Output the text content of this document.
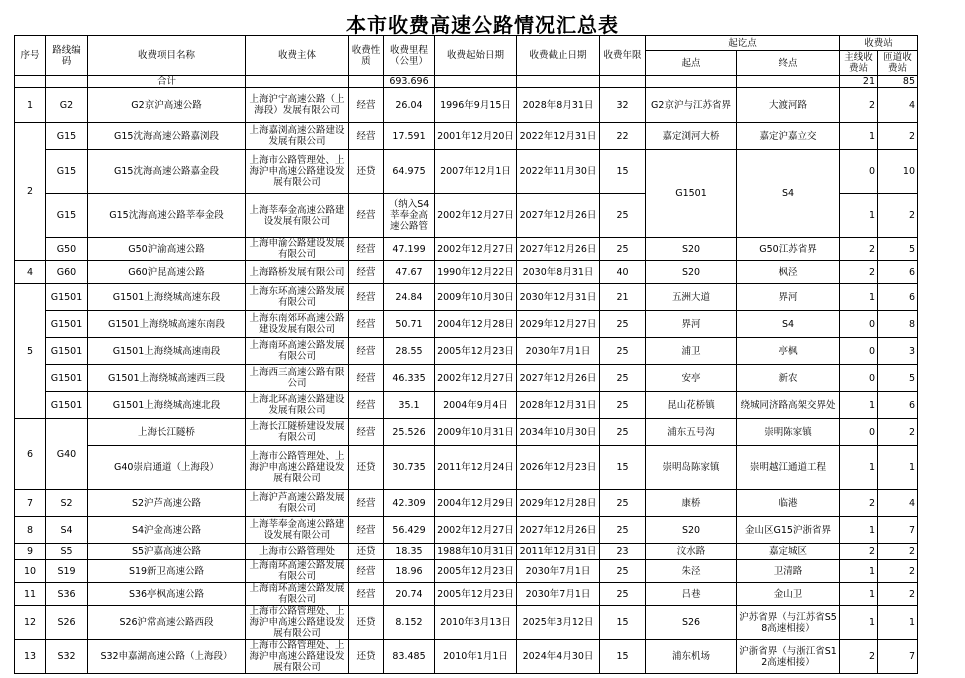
本市收费高速公路情况汇总表
序号	路线编码	收费项目名称	收费主体	收费性质	收费里程（公里）	收费起始日期	收费截止日期	收费年限	起讫点		收费站	
									起点	终点	主线收费站	匝道收费站
		合计			693.696						21	85
1	G2	G2京沪高速公路	上海沪宁高速公路（上海段）发展有限公司	经营	26.04	1996年9月15日	2028年8月31日	32	G2京沪与江苏省界	大渡河路	2	4
2	G15	G15沈海高速公路嘉浏段	上海嘉浏高速公路建设发展有限公司	经营	17.591	2001年12月20日	2022年12月31日	22	嘉定浏河大桥	嘉定沪嘉立交	1	2
	G15	G15沈海高速公路嘉金段	上海市公路管理处、上海沪申高速公路建设发展有限公司	还贷	64.975	2007年12月1日	2022年11月30日	15	G1501	S4	0	10
	G15	G15沈海高速公路莘奉金段	上海莘奉金高速公路建设发展有限公司	经营	（纳入S4莘奉金高速公路管	2002年12月27日	2027年12月26日	25			1	2
	G50	G50沪渝高速公路	上海申渝公路建设发展有限公司	经营	47.199	2002年12月27日	2027年12月26日	25	S20	G50江苏省界	2	5
4	G60	G60沪昆高速公路	上海路桥发展有限公司	经营	47.67	1990年12月22日	2030年8月31日	40	S20	枫泾	2	6
5	G1501	G1501上海绕城高速东段	上海东环高速公路发展有限公司	经营	24.84	2009年10月30日	2030年12月31日	21	五洲大道	界河	1	6
	G1501	G1501上海绕城高速东南段	上海东南郊环高速公路建设发展有限公司	经营	50.71	2004年12月28日	2029年12月27日	25	界河	S4	0	8
	G1501	G1501上海绕城高速南段	上海南环高速公路发展有限公司	经营	28.55	2005年12月23日	2030年7月1日	25	浦卫	亭枫	0	3
	G1501	G1501上海绕城高速西三段	上海西三高速公路有限公司	经营	46.335	2002年12月27日	2027年12月26日	25	安亭	新农	0	5
	G1501	G1501上海绕城高速北段	上海北环高速公路建设发展有限公司	经营	35.1	2004年9月4日	2028年12月31日	25	昆山花桥镇	绕城同济路高架交界处	1	6
6	G40	上海长江隧桥	上海长江隧桥建设发展有限公司	经营	25.526	2009年10月31日	2034年10月30日	25	浦东五号沟	崇明陈家镇	0	2
		G40崇启通道（上海段）	上海市公路管理处、上海沪申高速公路建设发展有限公司	还贷	30.735	2011年12月24日	2026年12月23日	15	崇明岛陈家镇	崇明越江通道工程	1	1
7	S2	S2沪芦高速公路	上海沪芦高速公路发展有限公司	经营	42.309	2004年12月29日	2029年12月28日	25	康桥	临港	2	4
8	S4	S4沪金高速公路	上海莘奉金高速公路建设发展有限公司	经营	56.429	2002年12月27日	2027年12月26日	25	S20	金山区G15沪浙省界	1	7
9	S5	S5沪嘉高速公路	上海市公路管理处	还贷	18.35	1988年10月31日	2011年12月31日	23	汶水路	嘉定城区	2	2
10	S19	S19新卫高速公路	上海南环高速公路发展有限公司	经营	18.96	2005年12月23日	2030年7月1日	25	朱泾	卫清路	1	2
11	S36	S36亭枫高速公路	上海南环高速公路发展有限公司	经营	20.74	2005年12月23日	2030年7月1日	25	吕巷	金山卫	1	2
12	S26	S26沪常高速公路西段	上海市公路管理处、上海沪申高速公路建设发展有限公司	还贷	8.152	2010年3月13日	2025年3月12日	15	S26	沪苏省界（与江苏省S58高速相接）	1	1
13	S32	S32申嘉湖高速公路（上海段）	上海市公路管理处、上海沪申高速公路建设发展有限公司	还贷	83.485	2010年1月1日	2024年4月30日	15	浦东机场	沪浙省界（与浙江省S12高速相接）	2	7
